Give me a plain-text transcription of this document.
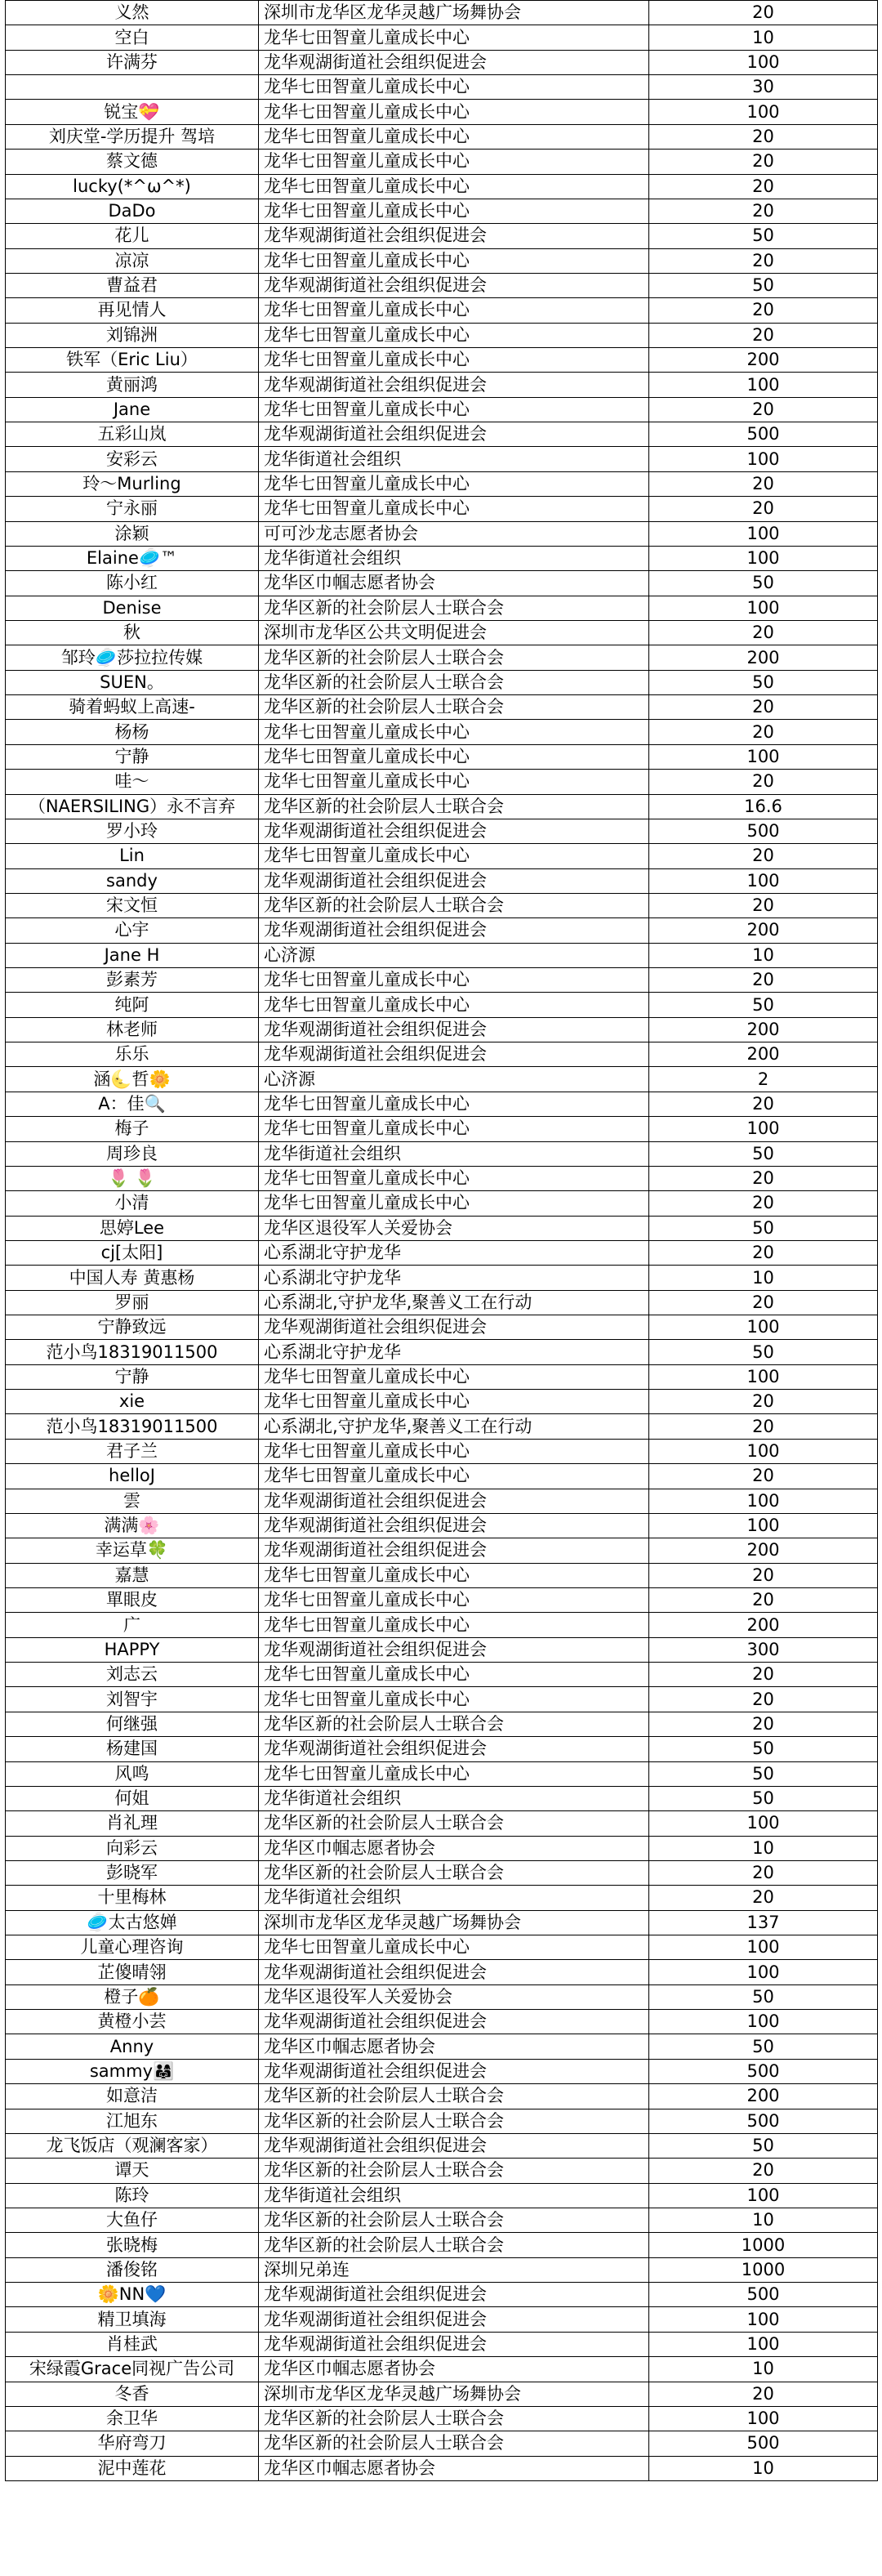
义然	深圳市龙华区龙华灵越广场舞协会	20
空白	龙华七田智童儿童成长中心	10
许满芬	龙华观湖街道社会组织促进会	100
	龙华七田智童儿童成长中心	30
锐宝💝	龙华七田智童儿童成长中心	100
刘庆堂-学历提升 驾培	龙华七田智童儿童成长中心	20
蔡文德	龙华七田智童儿童成长中心	20
lucky(*^ω^*)	龙华七田智童儿童成长中心	20
DaDo	龙华七田智童儿童成长中心	20
花儿	龙华观湖街道社会组织促进会	50
凉凉	龙华七田智童儿童成长中心	20
曹益君	龙华观湖街道社会组织促进会	50
再见情人	龙华七田智童儿童成长中心	20
刘锦洲	龙华七田智童儿童成长中心	20
铁军（Eric Liu）	龙华七田智童儿童成长中心	200
黄丽鸿	龙华观湖街道社会组织促进会	100
Jane	龙华七田智童儿童成长中心	20
五彩山岚	龙华观湖街道社会组织促进会	500
安彩云	龙华街道社会组织	100
玲～Murling	龙华七田智童儿童成长中心	20
宁永丽	龙华七田智童儿童成长中心	20
涂颖	可可沙龙志愿者协会	100
Elaine🥏™	龙华街道社会组织	100
陈小红	龙华区巾帼志愿者协会	50
Denise	龙华区新的社会阶层人士联合会	100
秋	深圳市龙华区公共文明促进会	20
邹玲🥏莎拉拉传媒	龙华区新的社会阶层人士联合会	200
SUEN。	龙华区新的社会阶层人士联合会	50
骑着蚂蚁上高速-	龙华区新的社会阶层人士联合会	20
杨杨	龙华七田智童儿童成长中心	20
宁静	龙华七田智童儿童成长中心	100
哇～	龙华七田智童儿童成长中心	20
（NAERSILING）永不言弃	龙华区新的社会阶层人士联合会	16.6
罗小玲	龙华观湖街道社会组织促进会	500
Lin	龙华七田智童儿童成长中心	20
sandy	龙华观湖街道社会组织促进会	100
宋文恒	龙华区新的社会阶层人士联合会	20
心宇	龙华观湖街道社会组织促进会	200
Jane H	心济源	10
彭素芳	龙华七田智童儿童成长中心	20
纯阿	龙华七田智童儿童成长中心	50
林老师	龙华观湖街道社会组织促进会	200
乐乐	龙华观湖街道社会组织促进会	200
涵🌜哲🌼	心济源	2
A：佳🔍	龙华七田智童儿童成长中心	20
梅子	龙华七田智童儿童成长中心	100
周珍良	龙华街道社会组织	50
🌷 🌷	龙华七田智童儿童成长中心	20
小清	龙华七田智童儿童成长中心	20
思婷Lee	龙华区退役军人关爱协会	50
cj[太阳]	心系湖北守护龙华	20
中国人寿 黄惠杨	心系湖北守护龙华	10
罗丽	心系湖北,守护龙华,聚善义工在行动	20
宁静致远	龙华观湖街道社会组织促进会	100
范小鸟18319011500	心系湖北守护龙华	50
宁静	龙华七田智童儿童成长中心	100
xie	龙华七田智童儿童成长中心	20
范小鸟18319011500	心系湖北,守护龙华,聚善义工在行动	20
君子兰	龙华七田智童儿童成长中心	100
helloJ	龙华七田智童儿童成长中心	20
雲	龙华观湖街道社会组织促进会	100
满满🌸	龙华观湖街道社会组织促进会	100
幸运草🍀	龙华观湖街道社会组织促进会	200
嘉慧	龙华七田智童儿童成长中心	20
單眼皮	龙华七田智童儿童成长中心	20
广	龙华七田智童儿童成长中心	200
HAPPY	龙华观湖街道社会组织促进会	300
刘志云	龙华七田智童儿童成长中心	20
刘智宇	龙华七田智童儿童成长中心	20
何继强	龙华区新的社会阶层人士联合会	20
杨建国	龙华观湖街道社会组织促进会	50
风鸣	龙华七田智童儿童成长中心	50
何姐	龙华街道社会组织	50
肖礼理	龙华区新的社会阶层人士联合会	100
向彩云	龙华区巾帼志愿者协会	10
彭晓军	龙华区新的社会阶层人士联合会	20
十里梅林	龙华街道社会组织	20
🥏太古悠婵	深圳市龙华区龙华灵越广场舞协会	137
儿童心理咨询	龙华七田智童儿童成长中心	100
芷傻晴翎	龙华观湖街道社会组织促进会	100
橙子🍊	龙华区退役军人关爱协会	50
黄橙小芸	龙华观湖街道社会组织促进会	100
Anny	龙华区巾帼志愿者协会	50
sammy👨‍👩‍👧	龙华观湖街道社会组织促进会	500
如意洁	龙华区新的社会阶层人士联合会	200
江旭东	龙华区新的社会阶层人士联合会	500
龙飞饭店（观澜客家）	龙华观湖街道社会组织促进会	50
谭天	龙华区新的社会阶层人士联合会	20
陈玲	龙华街道社会组织	100
大鱼仔	龙华区新的社会阶层人士联合会	10
张晓梅	龙华区新的社会阶层人士联合会	1000
潘俊铭	深圳兄弟连	1000
🌼NN💙	龙华观湖街道社会组织促进会	500
精卫填海	龙华观湖街道社会组织促进会	100
肖桂武	龙华观湖街道社会组织促进会	100
宋绿霞Grace同视广告公司	龙华区巾帼志愿者协会	10
冬香	深圳市龙华区龙华灵越广场舞协会	20
余卫华	龙华区新的社会阶层人士联合会	100
华府弯刀	龙华区新的社会阶层人士联合会	500
泥中莲花	龙华区巾帼志愿者协会	10
